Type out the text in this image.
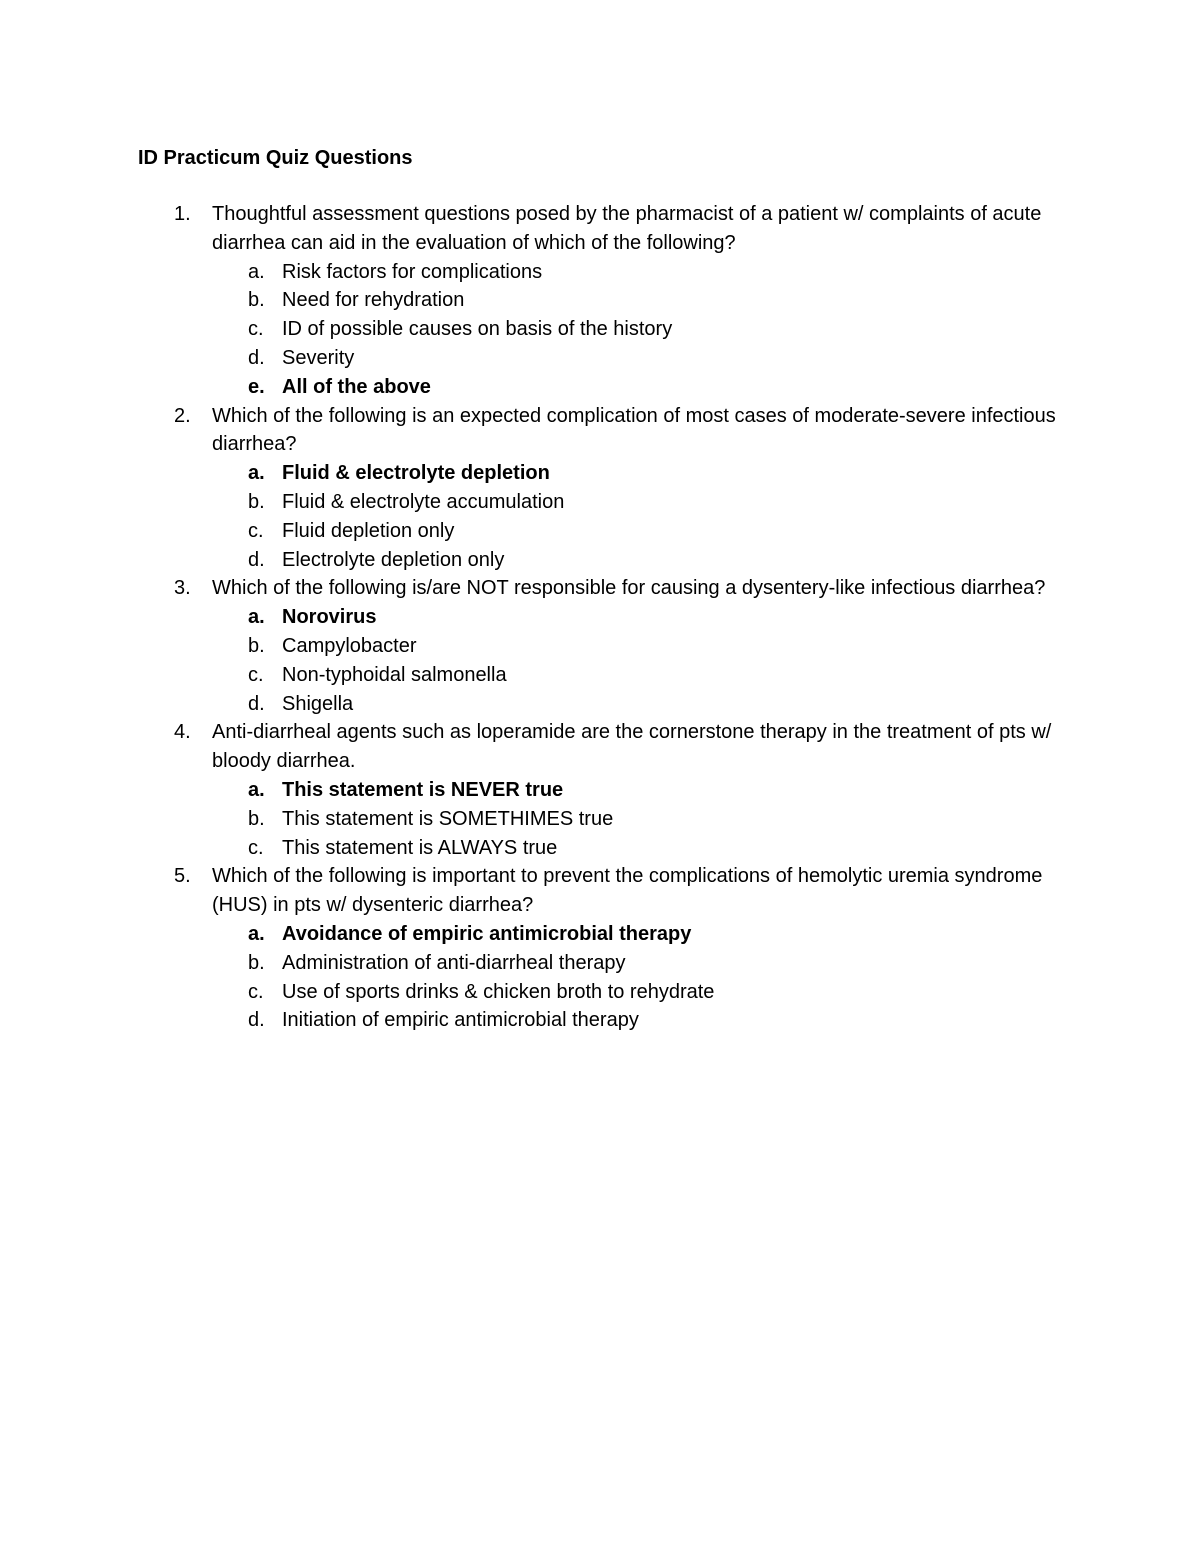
ID Practicum Quiz Questions
1.	Thoughtful assessment questions posed by the pharmacist of a patient w/ complaints of acute diarrhea can aid in the evaluation of which of the following?
a. Risk factors for complications
b. Need for rehydration
c. ID of possible causes on basis of the history
d. Severity
e. All of the above
2.	Which of the following is an expected complication of most cases of moderate-severe infectious diarrhea?
a. Fluid & electrolyte depletion
b. Fluid & electrolyte accumulation
c. Fluid depletion only
d. Electrolyte depletion only
3.	Which of the following is/are NOT responsible for causing a dysentery-like infectious diarrhea?
a. Norovirus
b. Campylobacter
c. Non-typhoidal salmonella
d. Shigella
4.	Anti-diarrheal agents such as loperamide are the cornerstone therapy in the treatment of pts w/ bloody diarrhea.
a. This statement is NEVER true
b. This statement is SOMETHIMES true
c. This statement is ALWAYS true
5.	Which of the following is important to prevent the complications of hemolytic uremia syndrome (HUS) in pts w/ dysenteric diarrhea?
a. Avoidance of empiric antimicrobial therapy
b. Administration of anti-diarrheal therapy
c. Use of sports drinks & chicken broth to rehydrate
d. Initiation of empiric antimicrobial therapy
